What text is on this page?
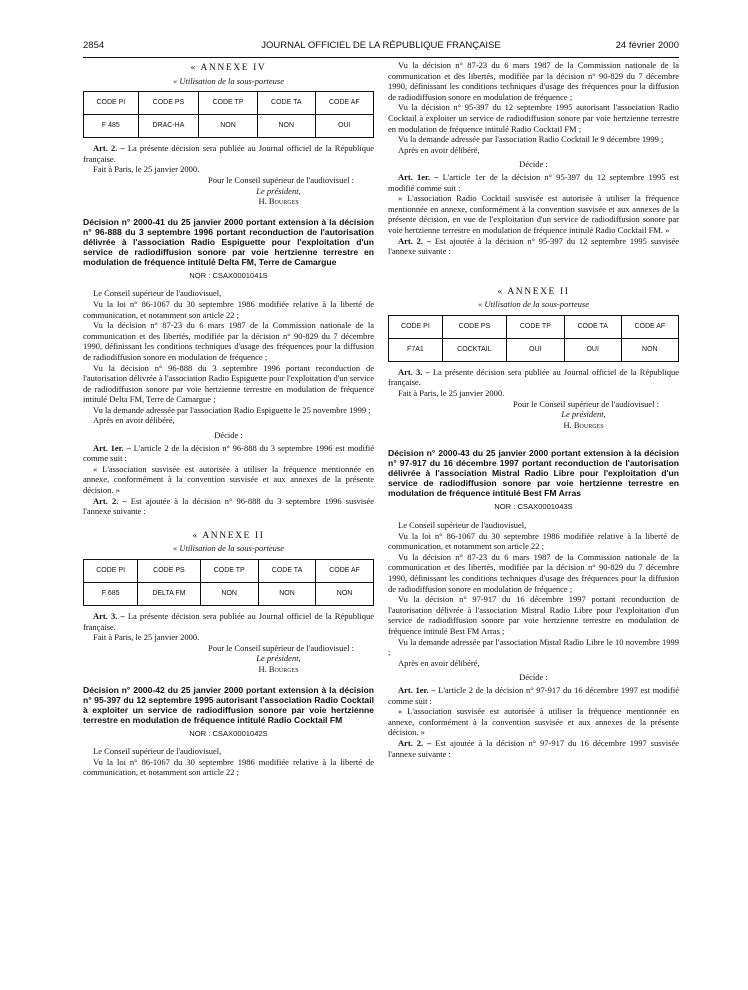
2854	JOURNAL OFFICIEL DE LA RÉPUBLIQUE FRANÇAISE	24 février 2000
« ANNEXE IV
« Utilisation de la sous-porteuse
CODE PI	CODE PS	CODE TP	CODE TA	CODE AF
F 485	DRAC-HA	NON	NON	OUI

Art. 2. – La présente décision sera publiée au Journal officiel de la République française.

Fait à Paris, le 25 janvier 2000.

Pour le Conseil supérieur de l'audiovisuel :
Le président,
H. Bourges
Décision n° 2000-41 du 25 janvier 2000 portant extension à la décision n° 96-888 du 3 septembre 1996 portant reconduction de l'autorisation délivrée à l'association Radio Espiguette pour l'exploitation d'un service de radiodiffusion sonore par voie hertzienne terrestre en modulation de fréquence intitulé Delta FM, Terre de Camargue
NOR : CSAX0001041S

Le Conseil supérieur de l'audiovisuel,

Vu la loi n° 86-1067 du 30 septembre 1986 modifiée relative à la liberté de communication, et notamment son article 22 ;

Vu la décision n° 87-23 du 6 mars 1987 de la Commission nationale de la communication et des libertés, modifiée par la décision n° 90-829 du 7 décembre 1990, définissant les conditions techniques d'usage des fréquences pour la diffusion de radiodiffusion sonore en modulation de fréquence ;

Vu la décision n° 96-888 du 3 septembre 1996 portant reconduction de l'autorisation délivrée à l'association Radio Espiguette pour l'exploitation d'un service de radiodiffusion sonore par voie hertzienne terrestre en modulation de fréquence intitulé Delta FM, Terre de Camargue ;

Vu la demande adressée par l'association Radio Espiguette le 25 novembre 1999 ;

Après en avoir délibéré,

Décide :

Art. 1er. – L'article 2 de la décision n° 96-888 du 3 septembre 1996 est modifié comme suit :

« L'association susvisée est autorisée à utiliser la fréquence mentionnée en annexe, conformément à la convention susvisée et aux annexes de la présente décision. »

Art. 2. – Est ajoutée à la décision n° 96-888 du 3 septembre 1996 susvisée l'annexe suivante :

« ANNEXE II
« Utilisation de la sous-porteuse
CODE PI	CODE PS	CODE TP	CODE TA	CODE AF
F 685	DELTA FM	NON	NON	NON

Art. 3. – La présente décision sera publiée au Journal officiel de la République française.

Fait à Paris, le 25 janvier 2000.

Pour le Conseil supérieur de l'audiovisuel :
Le président,
H. Bourges
Décision n° 2000-42 du 25 janvier 2000 portant extension à la décision n° 95-397 du 12 septembre 1995 autorisant l'association Radio Cocktail à exploiter un service de radiodiffusion sonore par voie hertzienne terrestre en modulation de fréquence intitulé Radio Cocktail FM
NOR : CSAX0001042S

Le Conseil supérieur de l'audiovisuel,

Vu la loi n° 86-1067 du 30 septembre 1986 modifiée relative à la liberté de communication, et notamment son article 22 ;

Vu la décision n° 87-23 du 6 mars 1987 de la Commission nationale de la communication et des libertés, modifiée par la décision n° 90-829 du 7 décembre 1990, définissant les conditions techniques d'usage des fréquences pour la diffusion de radiodiffusion sonore en modulation de fréquence ;

Vu la décision n° 95-397 du 12 septembre 1995 autorisant l'association Radio Cocktail à exploiter un service de radiodiffusion sonore par voie hertzienne terrestre en modulation de fréquence intitulé Radio Cocktail FM ;

Vu la demande adressée par l'association Radio Cocktail le 9 décembre 1999 ;

Après en avoir délibéré,

Décide :

Art. 1er. – L'article 1er de la décision n° 95-397 du 12 septembre 1995 est modifié comme suit :

« L'association Radio Cocktail susvisée est autorisée à utiliser la fréquence mentionnée en annexe, conformément à la convention susvisée et aux annexes de la présente décision, en vue de l'exploitation d'un service de radiodiffusion sonore par voie hertzienne terrestre en modulation de fréquence intitulé Radio Cocktail FM. »

Art. 2. – Est ajoutée à la décision n° 95-397 du 12 septembre 1995 susvisée l'annexe suivante :

« ANNEXE II
« Utilisation de la sous-porteuse
CODE PI	CODE PS	CODE TP	CODE TA	CODE AF
F7A1	COCKTAIL	OUI	OUI	NON

Art. 3. – La présente décision sera publiée au Journal officiel de la République française.

Fait à Paris, le 25 janvier 2000.

Pour le Conseil supérieur de l'audiovisuel :
Le président,
H. Bourges
Décision n° 2000-43 du 25 janvier 2000 portant extension à la décision n° 97-917 du 16 décembre 1997 portant reconduction de l'autorisation délivrée à l'association Mistral Radio Libre pour l'exploitation d'un service de radiodiffusion sonore par voie hertzienne terrestre en modulation de fréquence intitulé Best FM Arras
NOR : CSAX0001043S

Le Conseil supérieur de l'audiovisuel,

Vu la loi n° 86-1067 du 30 septembre 1986 modifiée relative à la liberté de communication, et notamment son article 22 ;

Vu la décision n° 87-23 du 6 mars 1987 de la Commission nationale de la communication et des libertés, modifiée par la décision n° 90-829 du 7 décembre 1990, définissant les conditions techniques d'usage des fréquences pour la diffusion de radiodiffusion sonore en modulation de fréquence ;

Vu la décision n° 97-917 du 16 décembre 1997 portant reconduction de l'autorisation délivrée à l'association Mistral Radio Libre pour l'exploitation d'un service de radiodiffusion sonore par voie hertzienne terrestre en modulation de fréquence intitulé Best FM Arras ;

Vu la demande adressée par l'association Mistal Radio Libre le 10 novembre 1999 ;

Après en avoir délibéré,

Décide :

Art. 1er. – L'article 2 de la décision n° 97-917 du 16 décembre 1997 est modifié comme suit :

« L'association susvisée est autorisée à utiliser la fréquence mentionnée en annexe, conformément à la convention susvisée et aux annexes de la présente décision. »

Art. 2. – Est ajoutée à la décision n° 97-917 du 16 décembre 1997 susvisée l'annexe suivante :
